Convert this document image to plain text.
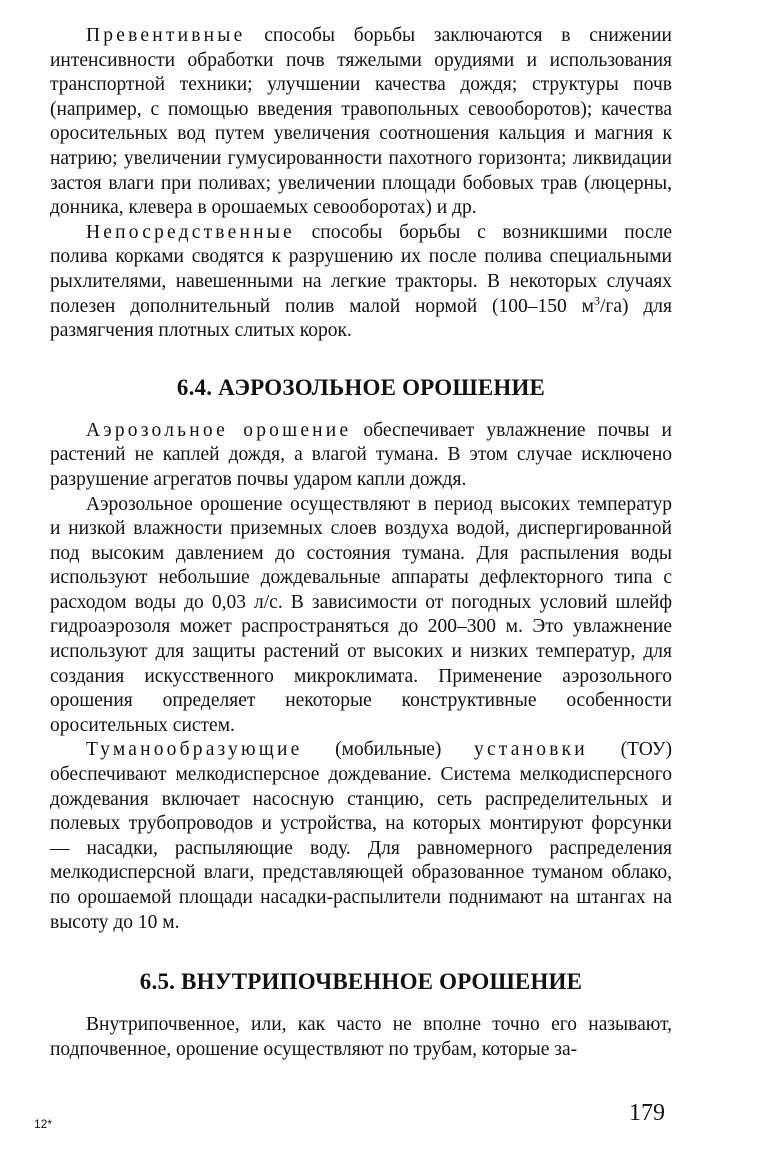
Превентивные способы борьбы заключаются в снижении интенсивности обработки почв тяжелыми орудиями и использования транспортной техники; улучшении качества дождя; структуры почв (например, с помощью введения травопольных севооборотов); качества оросительных вод путем увеличения соотношения кальция и магния к натрию; увеличении гумусированности пахотного горизонта; ликвидации застоя влаги при поливах; увеличении площади бобовых трав (люцерны, донника, клевера в орошаемых севооборотах) и др.

Непосредственные способы борьбы с возникшими после полива корками сводятся к разрушению их после полива специальными рыхлителями, навешенными на легкие тракторы. В некоторых случаях полезен дополнительный полив малой нормой (100–150 $м^3/га$) для размягчения плотных слитых корок.

6.4. АЭРОЗОЛЬНОЕ ОРОШЕНИЕ

Аэрозольное орошение обеспечивает увлажнение почвы и растений не каплей дождя, а влагой тумана. В этом случае исключено разрушение агрегатов почвы ударом капли дождя.

Аэрозольное орошение осуществляют в период высоких температур и низкой влажности приземных слоев воздуха водой, диспергированной под высоким давлением до состояния тумана. Для распыления воды используют небольшие дождевальные аппараты дефлекторного типа с расходом воды до 0,03 л/с. В зависимости от погодных условий шлейф гидроаэрозоля может распространяться до 200–300 м. Это увлажнение используют для защиты растений от высоких и низких температур, для создания искусственного микроклимата. Применение аэрозольного орошения определяет некоторые конструктивные особенности оросительных систем.

Туманообразующие (мобильные) установки (ТОУ) обеспечивают мелкодисперсное дождевание. Система мелкодисперсного дождевания включает насосную станцию, сеть распределительных и полевых трубопроводов и устройства, на которых монтируют форсунки — насадки, распыляющие воду. Для равномерного распределения мелкодисперсной влаги, представляющей образованное туманом облако, по орошаемой площади насадки-распылители поднимают на штангах на высоту до 10 м.

6.5. ВНУТРИПОЧВЕННОЕ ОРОШЕНИЕ

Внутрипочвенное, или, как часто не вполне точно его называют, подпочвенное, орошение осуществляют по трубам, которые за-

12*	179
